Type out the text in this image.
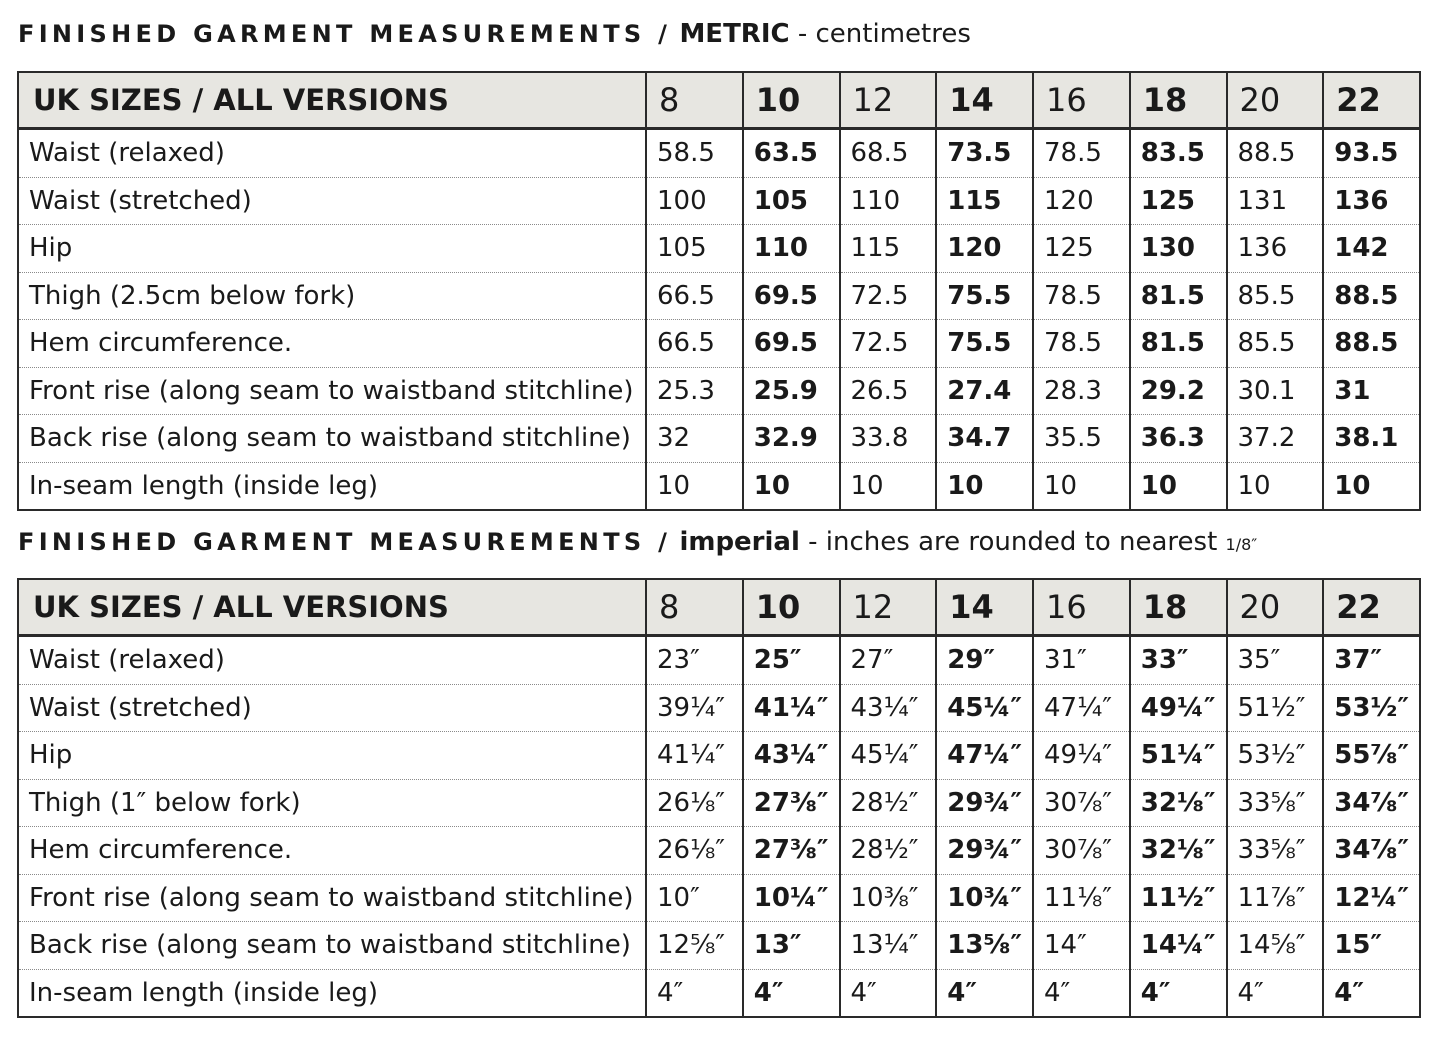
FINISHED GARMENT MEASUREMENTS / METRIC - centimetres
UK SIZES / ALL VERSIONS	8	10	12	14	16	18	20	22
Waist (relaxed)	58.5	63.5	68.5	73.5	78.5	83.5	88.5	93.5
Waist (stretched)	100	105	110	115	120	125	131	136
Hip	105	110	115	120	125	130	136	142
Thigh (2.5cm below fork)	66.5	69.5	72.5	75.5	78.5	81.5	85.5	88.5
Hem circumference.	66.5	69.5	72.5	75.5	78.5	81.5	85.5	88.5
Front rise (along seam to waistband stitchline)	25.3	25.9	26.5	27.4	28.3	29.2	30.1	31
Back rise (along seam to waistband stitchline)	32	32.9	33.8	34.7	35.5	36.3	37.2	38.1
In-seam length (inside leg)	10	10	10	10	10	10	10	10
FINISHED GARMENT MEASUREMENTS / imperial - inches are rounded to nearest 1/8″
UK SIZES / ALL VERSIONS	8	10	12	14	16	18	20	22
Waist (relaxed)	23″	25″	27″	29″	31″	33″	35″	37″
Waist (stretched)	39¼″	41¼″	43¼″	45¼″	47¼″	49¼″	51½″	53½″
Hip	41¼″	43¼″	45¼″	47¼″	49¼″	51¼″	53½″	55⅞″
Thigh (1″ below fork)	26⅛″	27⅜″	28½″	29¾″	30⅞″	32⅛″	33⅝″	34⅞″
Hem circumference.	26⅛″	27⅜″	28½″	29¾″	30⅞″	32⅛″	33⅝″	34⅞″
Front rise (along seam to waistband stitchline)	10″	10¼″	10⅜″	10¾″	11⅛″	11½″	11⅞″	12¼″
Back rise (along seam to waistband stitchline)	12⅝″	13″	13¼″	13⅝″	14″	14¼″	14⅝″	15″
In-seam length (inside leg)	4″	4″	4″	4″	4″	4″	4″	4″
